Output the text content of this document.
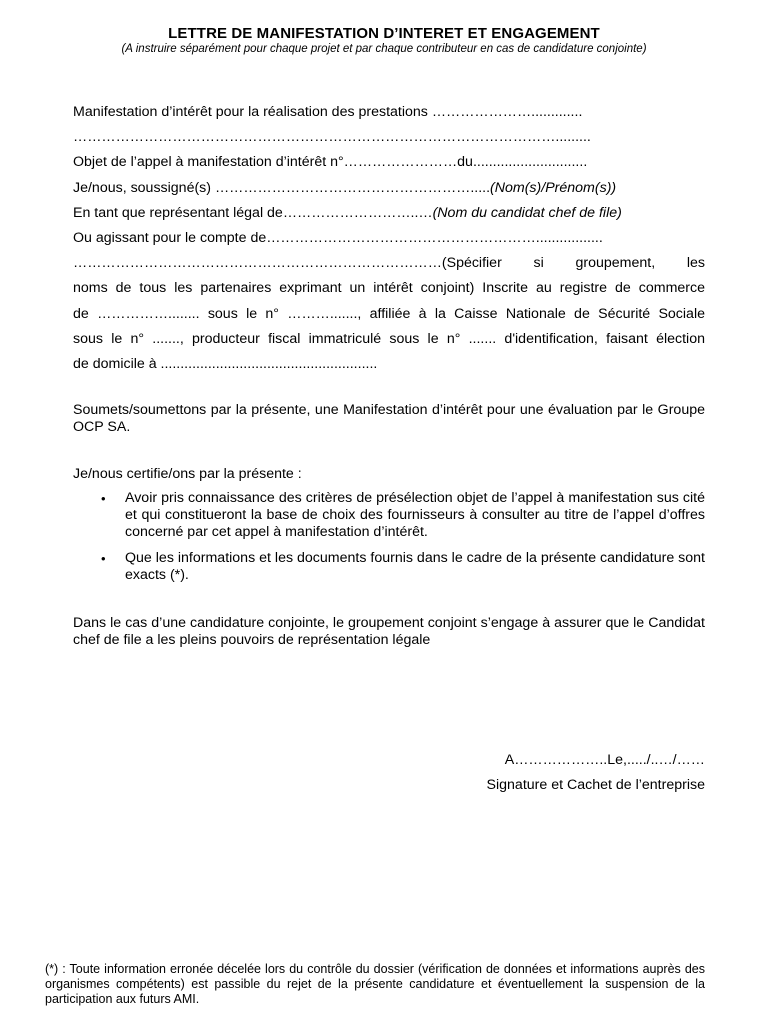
LETTRE DE MANIFESTATION D’INTERET ET ENGAGEMENT
(A instruire séparément pour chaque projet et par chaque contributeur en cas de candidature conjointe)
Manifestation d’intérêt pour la réalisation des prestations ………………….............
………………………………………………………………………………………….........
Objet de l’appel à manifestation d’intérêt n°……………………du.............................
Je/nous, soussigné(s) ……………………………………………….....(Nom(s)/Prénom(s))
En tant que représentant légal de………………………..…(Nom du candidat chef de file)
Ou agissant pour le compte de………………………………………………….................
……………………………………………………………………(Spécifier si groupement, les
noms de tous les partenaires exprimant un intérêt conjoint) Inscrite au registre de commerce
de ……………........ sous le n° ………......., affiliée à la Caisse Nationale de Sécurité Sociale
sous le n° ......., producteur fiscal immatriculé sous le n° ....... d'identification, faisant élection
de domicile à .......................................................
Soumets/soumettons par la présente, une Manifestation d’intérêt pour une évaluation par le Groupe OCP SA.
Je/nous certifie/ons par la présente :
• Avoir pris connaissance des critères de présélection objet de l’appel à manifestation sus cité et qui constitueront la base de choix des fournisseurs à consulter au titre de l’appel d’offres concerné par cet appel à manifestation d’intérêt.
• Que les informations et les documents fournis dans le cadre de la présente candidature sont exacts (*).
Dans le cas d’une candidature conjointe, le groupement conjoint s’engage à assurer que le Candidat chef de file a les pleins pouvoirs de représentation légale
A………………..Le,...../..…/……
Signature et Cachet de l’entreprise
(*) : Toute information erronée décelée lors du contrôle du dossier (vérification de données et informations auprès des organismes compétents) est passible du rejet de la présente candidature et éventuellement la suspension de la participation aux futurs AMI.
